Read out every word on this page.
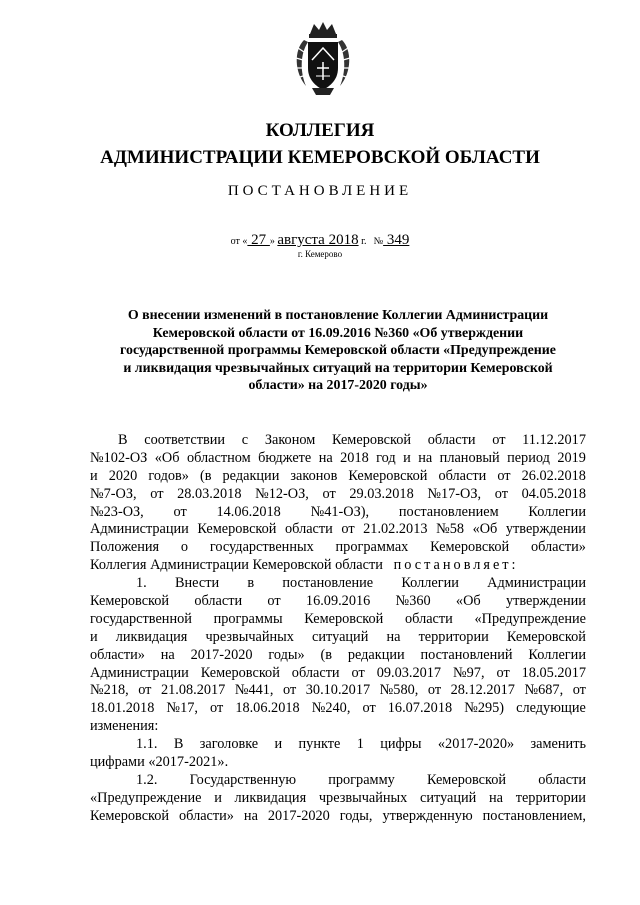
КОЛЛЕГИЯ
АДМИНИСТРАЦИИ КЕМЕРОВСКОЙ ОБЛАСТИ
ПОСТАНОВЛЕНИЕ
от « 27 » августа 2018 г. № 349
г. Кемерово
О внесении изменений в постановление Коллегии Администрации
Кемеровской области от 16.09.2016 №360 «Об утверждении
государственной программы Кемеровской области «Предупреждение
и ликвидация чрезвычайных ситуаций на территории Кемеровской
области» на 2017-2020 годы»
В соответствии с Законом Кемеровской области от 11.12.2017
№102-ОЗ «Об областном бюджете на 2018 год и на плановый период 2019
и 2020 годов» (в редакции законов Кемеровской области от 26.02.2018
№7-ОЗ, от 28.03.2018 №12-ОЗ, от 29.03.2018 №17-ОЗ, от 04.05.2018
№23-ОЗ, от 14.06.2018 №41-ОЗ), постановлением Коллегии
Администрации Кемеровской области от 21.02.2013 №58 «Об утверждении
Положения о государственных программах Кемеровской области»
Коллегия Администрации Кемеровской области
постановляет:
1. Внести в постановление Коллегии Администрации
Кемеровской области от 16.09.2016 №360 «Об утверждении
государственной программы Кемеровской области «Предупреждение
и ликвидация чрезвычайных ситуаций на территории Кемеровской
области» на 2017-2020 годы» (в редакции постановлений Коллегии
Администрации Кемеровской области от 09.03.2017 №97, от 18.05.2017
№218, от 21.08.2017 №441, от 30.10.2017 №580, от 28.12.2017 №687, от
18.01.2018 №17, от 18.06.2018 №240, от 16.07.2018 №295) следующие
изменения:
1.1. В заголовке и пункте 1 цифры «2017-2020» заменить
цифрами «2017-2021».
1.2. Государственную программу Кемеровской области
«Предупреждение и ликвидация чрезвычайных ситуаций на территории
Кемеровской области» на 2017-2020 годы, утвержденную постановлением,
